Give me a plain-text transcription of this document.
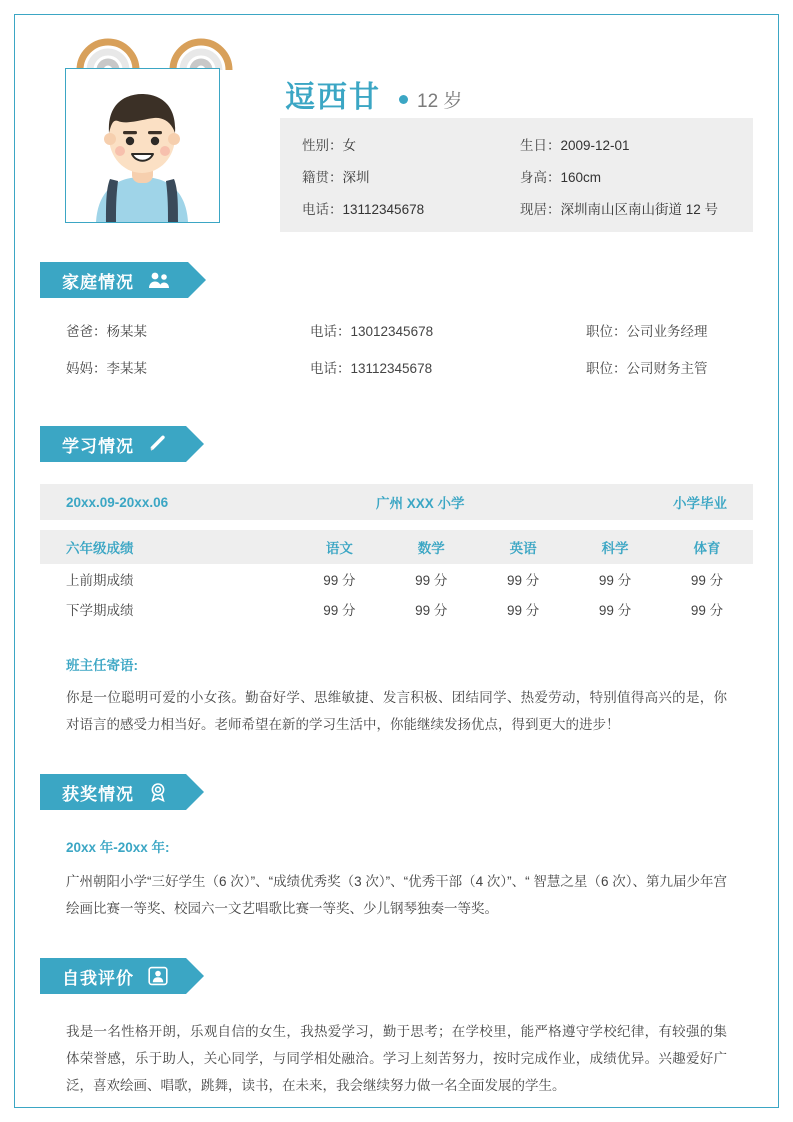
逗西甘	12 岁
性别：女	生日：2009-12-01
籍贯：深圳	身高：160cm
电话：13112345678	现居：深圳南山区南山街道 12 号
家庭情况
爸爸：杨某某	电话：13012345678	职位：公司业务经理
妈妈：李某某	电话：13112345678	职位：公司财务主管
学习情况
20xx.09-20xx.06	广州 XXX 小学	小学毕业
六年级成绩	语文	数学	英语	科学	体育
上前期成绩	99 分	99 分	99 分	99 分	99 分
下学期成绩	99 分	99 分	99 分	99 分	99 分
班主任寄语:

你是一位聪明可爱的小女孩。勤奋好学、思维敏捷、发言积极、团结同学、热爱劳动，特别值得高兴的是，你对语言的感受力相当好。老师希望在新的学习生活中，你能继续发扬优点，得到更大的进步！

获奖情况
20xx 年-20xx 年:

广州朝阳小学“三好学生（6 次）”、“成绩优秀奖（3 次）”、“优秀干部（4 次）”、“ 智慧之星（6 次）、第九届少年宫绘画比赛一等奖、校园六一文艺唱歌比赛一等奖、少儿钢琴独奏一等奖。

自我评价

我是一名性格开朗，乐观自信的女生，我热爱学习，勤于思考；在学校里，能严格遵守学校纪律，有较强的集体荣誉感，乐于助人，关心同学，与同学相处融洽。学习上刻苦努力，按时完成作业，成绩优异。兴趣爱好广泛，喜欢绘画、唱歌，跳舞，读书，在未来，我会继续努力做一名全面发展的学生。
